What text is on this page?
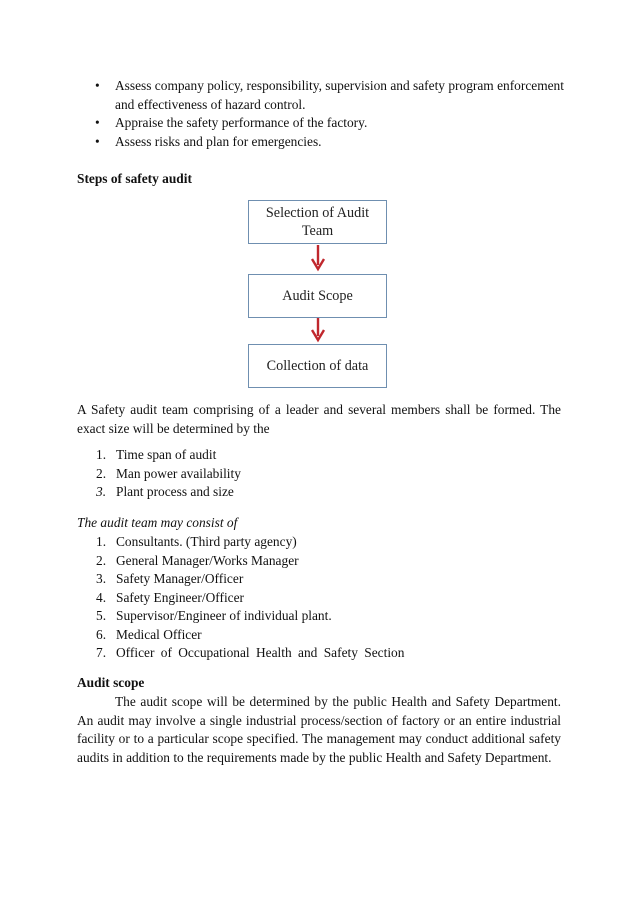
• Assess company policy, responsibility, supervision and safety program enforcement and effectiveness of hazard control.
• Appraise the safety performance of the factory.
• Assess risks and plan for emergencies.
Steps of safety audit
Selection of Audit Team
Audit Scope
Collection of data
A Safety audit team comprising of a leader and several members shall be formed. The exact size will be determined by the
1. Time span of audit
2. Man power availability
3. Plant process and size
The audit team may consist of
1. Consultants. (Third party agency)
2. General Manager/Works Manager
3. Safety Manager/Officer
4. Safety Engineer/Officer
5. Supervisor/Engineer of individual plant.
6. Medical Officer
7. Officer of Occupational Health and Safety Section
Audit scope
The audit scope will be determined by the public Health and Safety Department. An audit may involve a single industrial process/section of factory or an entire industrial facility or to a particular scope specified. The management may conduct additional safety audits in addition to the requirements made by the public Health and Safety Department.
